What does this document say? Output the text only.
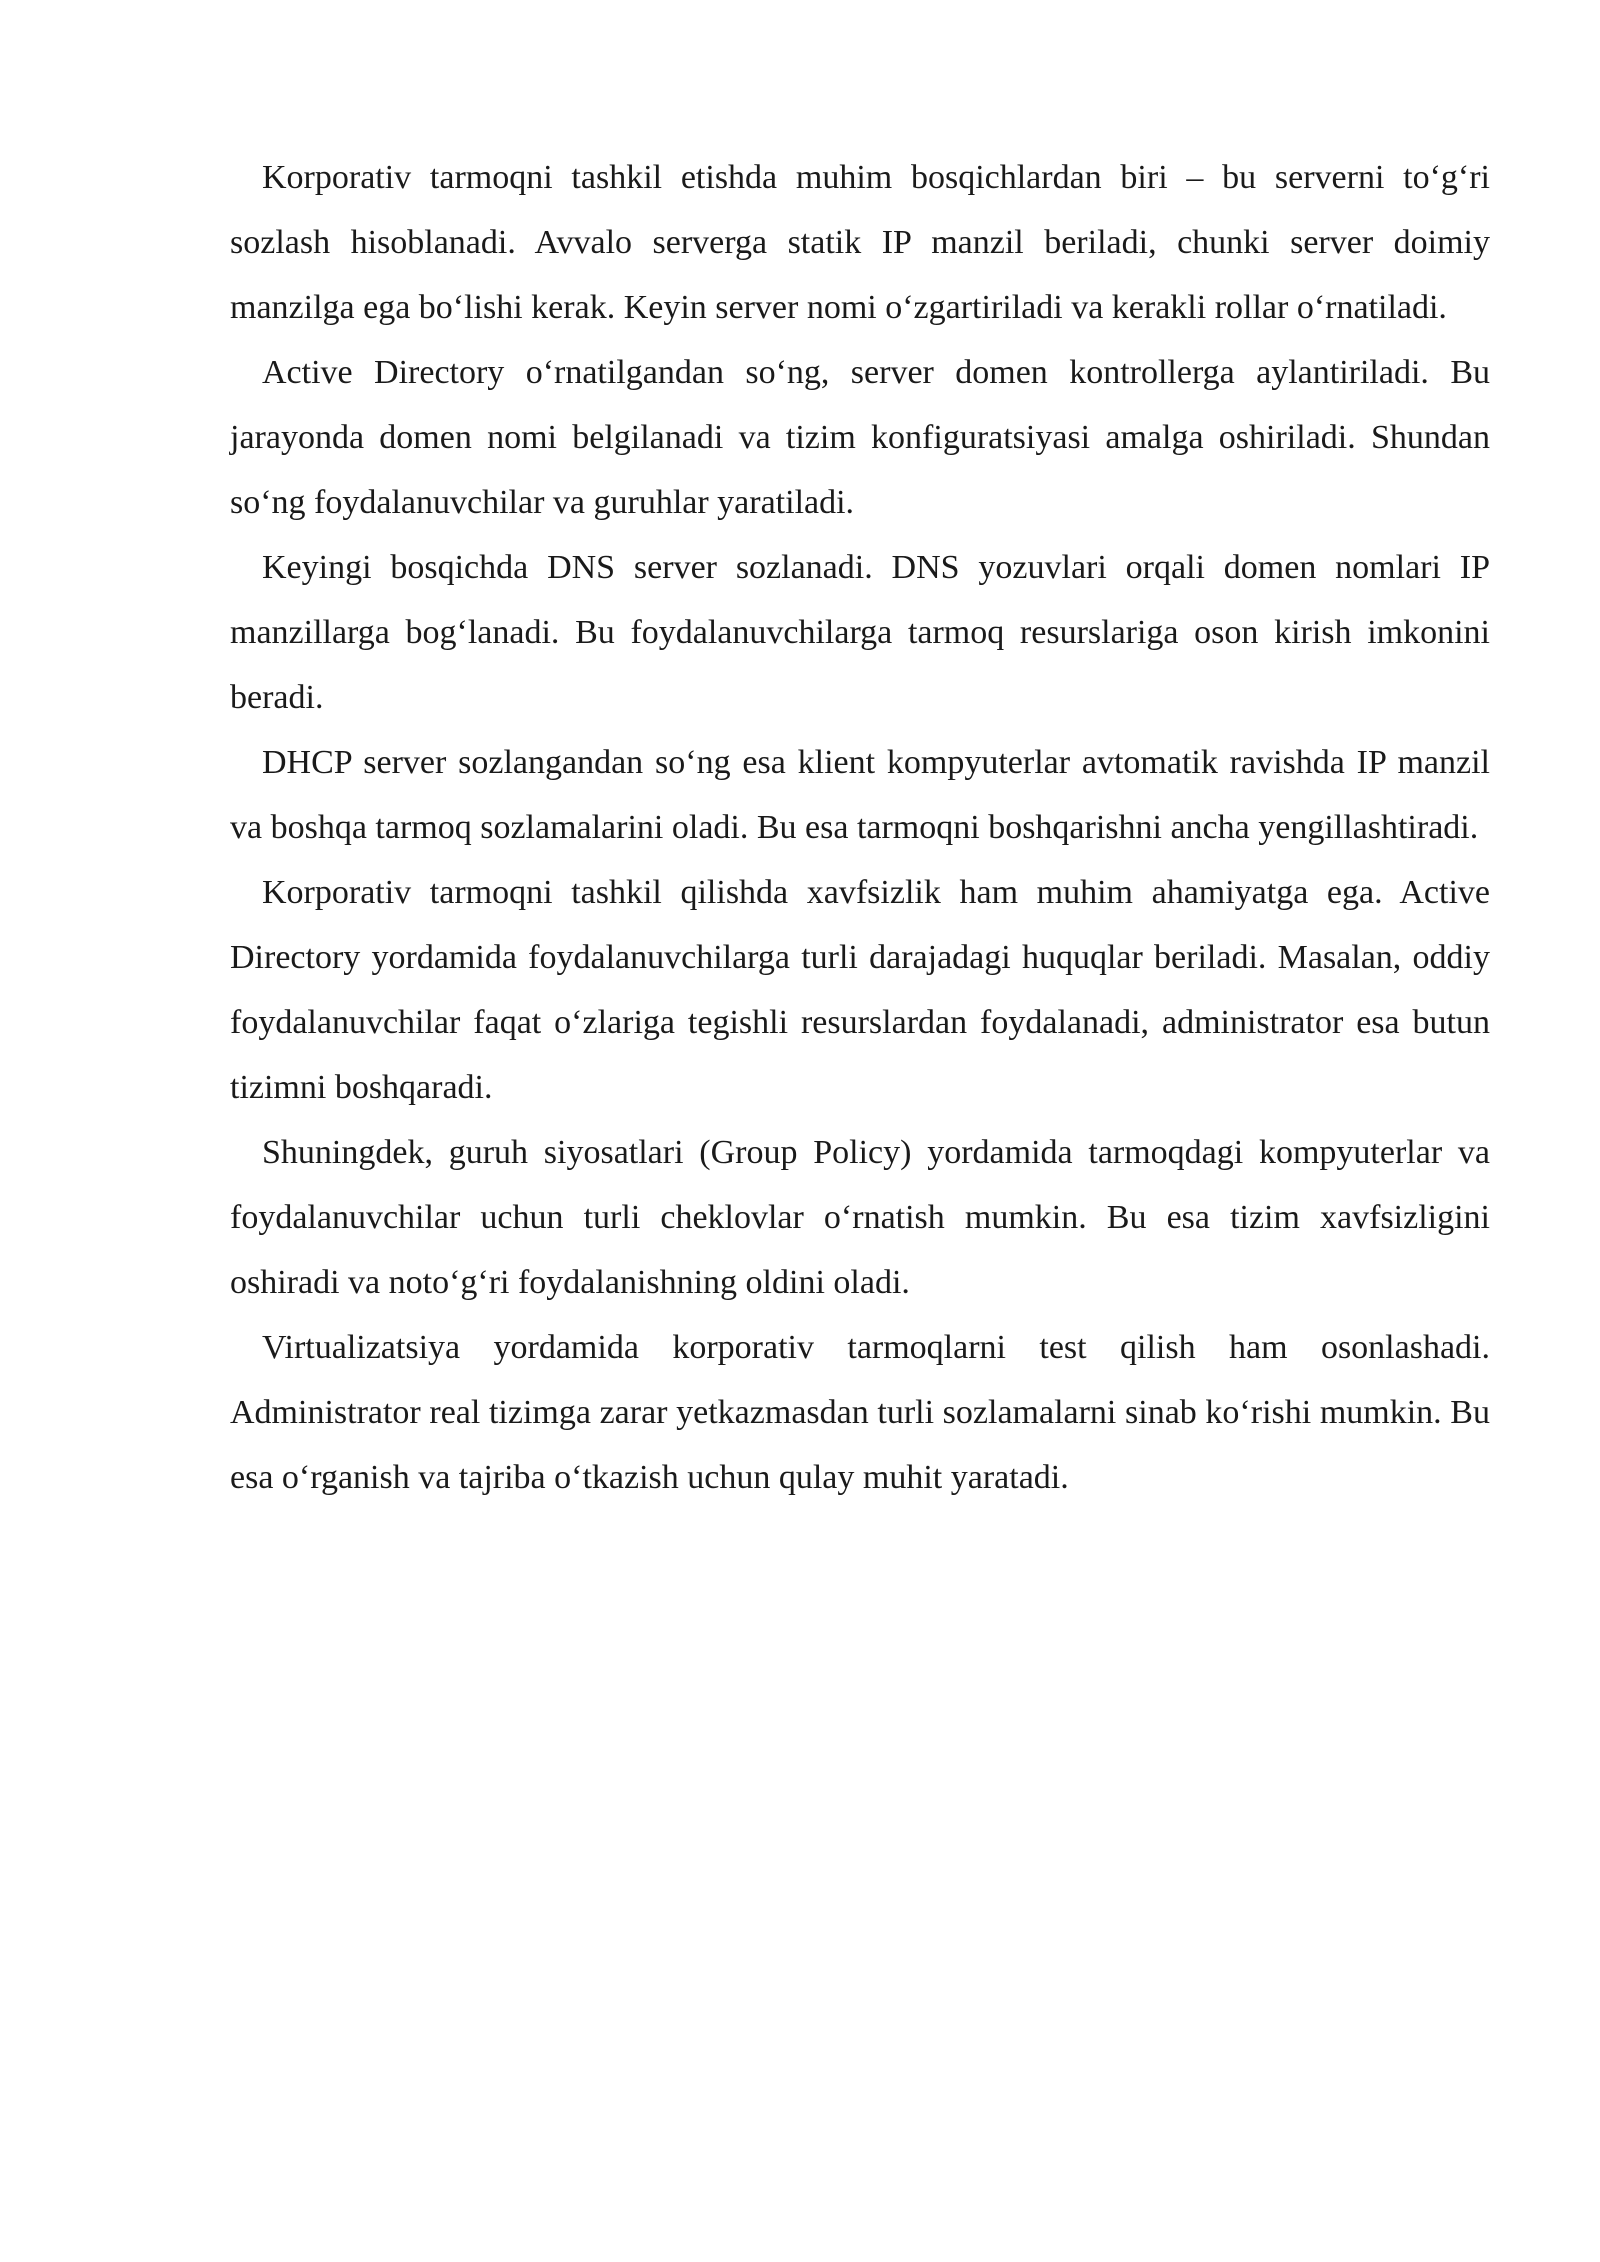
Korporativ tarmoqni tashkil etishda muhim bosqichlardan biri – bu serverni to‘g‘ri sozlash hisoblanadi. Avvalo serverga statik IP manzil beriladi, chunki server doimiy manzilga ega bo‘lishi kerak. Keyin server nomi o‘zgartiriladi va kerakli rollar o‘rnatiladi.

Active Directory o‘rnatilgandan so‘ng, server domen kontrollerga aylantiriladi. Bu jarayonda domen nomi belgilanadi va tizim konfiguratsiyasi amalga oshiriladi. Shundan so‘ng foydalanuvchilar va guruhlar yaratiladi.

Keyingi bosqichda DNS server sozlanadi. DNS yozuvlari orqali domen nomlari IP manzillarga bog‘lanadi. Bu foydalanuvchilarga tarmoq resurslariga oson kirish imkonini beradi.

DHCP server sozlangandan so‘ng esa klient kompyuterlar avtomatik ravishda IP manzil va boshqa tarmoq sozlamalarini oladi. Bu esa tarmoqni boshqarishni ancha yengillashtiradi.

Korporativ tarmoqni tashkil qilishda xavfsizlik ham muhim ahamiyatga ega. Active Directory yordamida foydalanuvchilarga turli darajadagi huquqlar beriladi. Masalan, oddiy foydalanuvchilar faqat o‘zlariga tegishli resurslardan foydalanadi, administrator esa butun tizimni boshqaradi.

Shuningdek, guruh siyosatlari (Group Policy) yordamida tarmoqdagi kompyuterlar va foydalanuvchilar uchun turli cheklovlar o‘rnatish mumkin. Bu esa tizim xavfsizligini oshiradi va noto‘g‘ri foydalanishning oldini oladi.

Virtualizatsiya yordamida korporativ tarmoqlarni test qilish ham osonlashadi. Administrator real tizimga zarar yetkazmasdan turli sozlamalarni sinab ko‘rishi mumkin. Bu esa o‘rganish va tajriba o‘tkazish uchun qulay muhit yaratadi.
